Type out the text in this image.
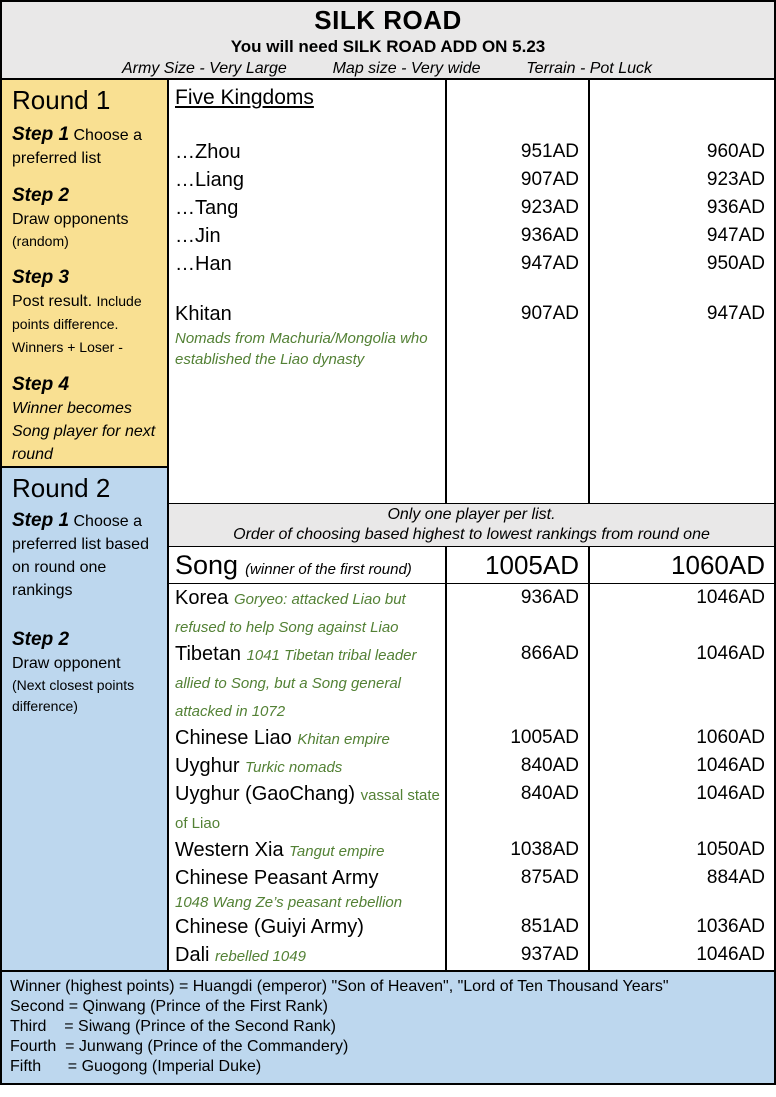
SILK ROAD
You will need SILK ROAD ADD ON 5.23
Army Size - Very Large	Map size - Very wide	Terrain - Pot Luck
Round 1
Step 1 Choose a preferred list
Step 2
Draw opponents
(random)
Step 3
Post result. Include points difference. Winners + Loser -
Step 4
Winner becomes Song player for next round
Round 2
Step 1 Choose a preferred list based on round one rankings
Step 2
Draw opponent
(Next closest points difference)
Five Kingdoms
…Zhou	951AD	960AD
…Liang	907AD	923AD
…Tang	923AD	936AD
…Jin	936AD	947AD
…Han	947AD	950AD
Khitan
Nomads from Machuria/Mongolia who established the Liao dynasty
907AD	947AD
Only one player per list.
Order of choosing based highest to lowest rankings from round one
Song (winner of the first round)	1005AD	1060AD
Korea Goryeo: attacked Liao but refused to help Song against Liao
936AD	1046AD
Tibetan 1041 Tibetan tribal leader allied to Song, but a Song general attacked in 1072
866AD	1046AD
Chinese Liao Khitan empire	1005AD	1060AD
Uyghur Turkic nomads	840AD	1046AD
Uyghur (GaoChang) vassal state of Liao
840AD	1046AD
Western Xia Tangut empire	1038AD	1050AD
Chinese Peasant Army
1048 Wang Ze’s peasant rebellion
875AD	884AD
Chinese (Guiyi Army)	851AD	1036AD
Dali rebelled 1049	937AD	1046AD
Winner (highest points) = Huangdi (emperor) "Son of Heaven", "Lord of Ten Thousand Years"
Second = Qinwang (Prince of the First Rank)
Third    = Siwang (Prince of the Second Rank)
Fourth  = Junwang (Prince of the Commandery)
Fifth      = Guogong (Imperial Duke)
